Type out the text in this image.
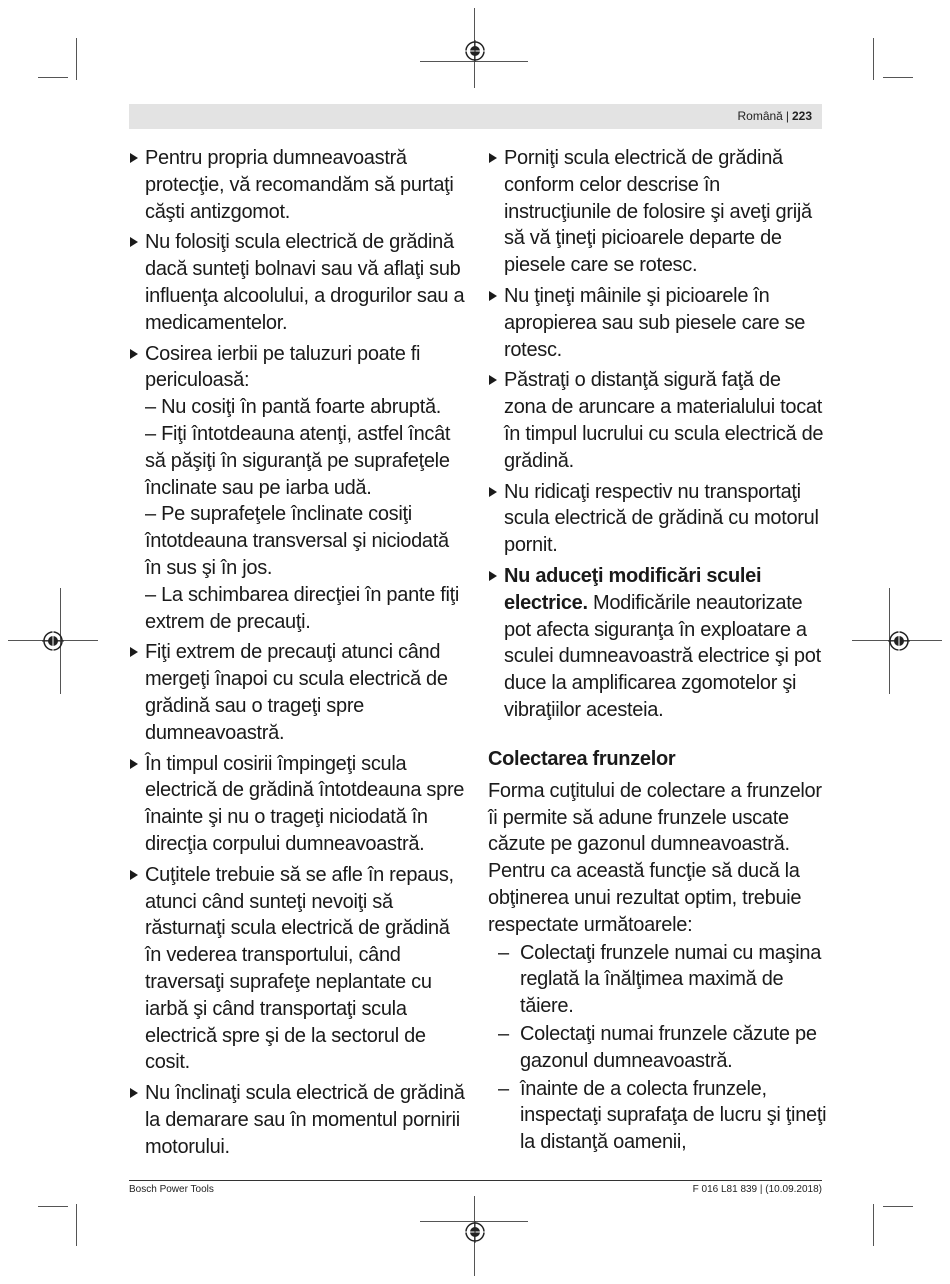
Română | 223

Pentru propria dumneavoastră protecţie, vă recomandăm să purtaţi căşti antizgomot.

Nu folosiţi scula electrică de grădină dacă sunteţi bolnavi sau vă aflaţi sub influenţa alcoolului, a drogurilor sau a medicamentelor.

Cosirea ierbii pe taluzuri poate fi periculoasă:

– Nu cosiţi în pantă foarte abruptă.

– Fiţi întotdeauna atenţi, astfel încât să păşiţi în siguranţă pe suprafeţele înclinate sau pe iarba udă.

– Pe suprafeţele înclinate cosiţi întotdeauna transversal şi niciodată în sus şi în jos.

– La schimbarea direcţiei în pante fiţi extrem de precauţi.

Fiţi extrem de precauţi atunci când mergeţi înapoi cu scula electrică de grădină sau o trageţi spre dumneavoastră.

În timpul cosirii împingeţi scula electrică de grădină întotdeauna spre înainte şi nu o trageţi niciodată în direcţia corpului dumneavoastră.

Cuţitele trebuie să se afle în repaus, atunci când sunteţi nevoiţi să răsturnaţi scula electrică de grădină în vederea transportului, când traversaţi suprafeţe neplantate cu iarbă şi când transportaţi scula electrică spre şi de la sectorul de cosit.

Nu înclinaţi scula electrică de grădină la demarare sau în momentul pornirii motorului.

Porniţi scula electrică de grădină conform celor descrise în instrucţiunile de folosire şi aveţi grijă să vă ţineţi picioarele departe de piesele care se rotesc.

Nu ţineţi mâinile şi picioarele în apropierea sau sub piesele care se rotesc.

Păstraţi o distanţă sigură faţă de zona de aruncare a materialului tocat în timpul lucrului cu scula electrică de grădină.

Nu ridicaţi respectiv nu transportaţi scula electrică de grădină cu motorul pornit.

Nu aduceţi modificări sculei electrice. Modificările neautorizate pot afecta siguranţa în exploatare a sculei dumneavoastră electrice şi pot duce la amplificarea zgomotelor şi vibraţiilor acesteia.

Colectarea frunzelor

Forma cuţitului de colectare a frunzelor îi permite să adune frunzele uscate căzute pe gazonul dumneavoastră. Pentru ca această funcţie să ducă la obţinerea unui rezultat optim, trebuie respectate următoarele:

– Colectaţi frunzele numai cu maşina reglată la înălţimea maximă de tăiere.
– Colectaţi numai frunzele căzute pe gazonul dumneavoastră.
– înainte de a colecta frunzele, inspectaţi suprafaţa de lucru şi ţineţi la distanţă oamenii,
Bosch Power Tools	F 016 L81 839 | (10.09.2018)
